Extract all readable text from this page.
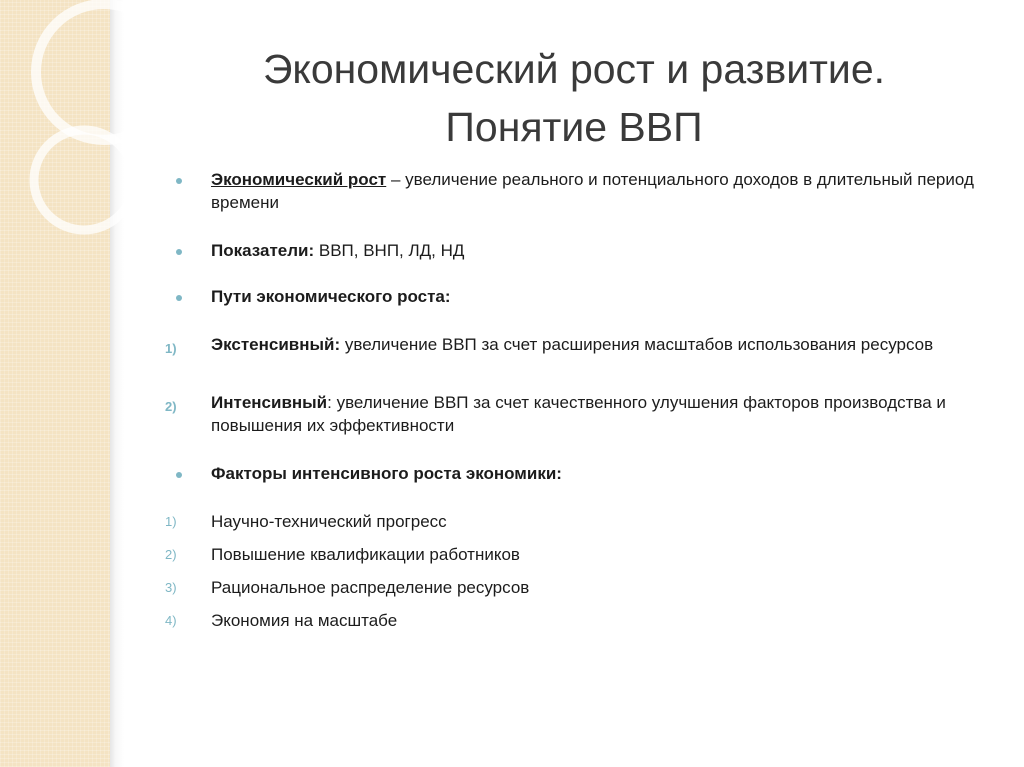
Экономический рост и развитие.
Понятие ВВП
Экономический рост – увеличение реального и потенциального доходов в длительный период времени
Показатели: ВВП, ВНП, ЛД, НД
Пути экономического роста:
1)	Экстенсивный: увеличение ВВП за счет расширения масштабов использования ресурсов
2)	Интенсивный: увеличение ВВП за счет качественного улучшения факторов производства и повышения их эффективности
Факторы интенсивного роста экономики:
1)	Научно-технический прогресс
2)	Повышение квалификации работников
3)	Рациональное распределение ресурсов
4)	Экономия на масштабе
